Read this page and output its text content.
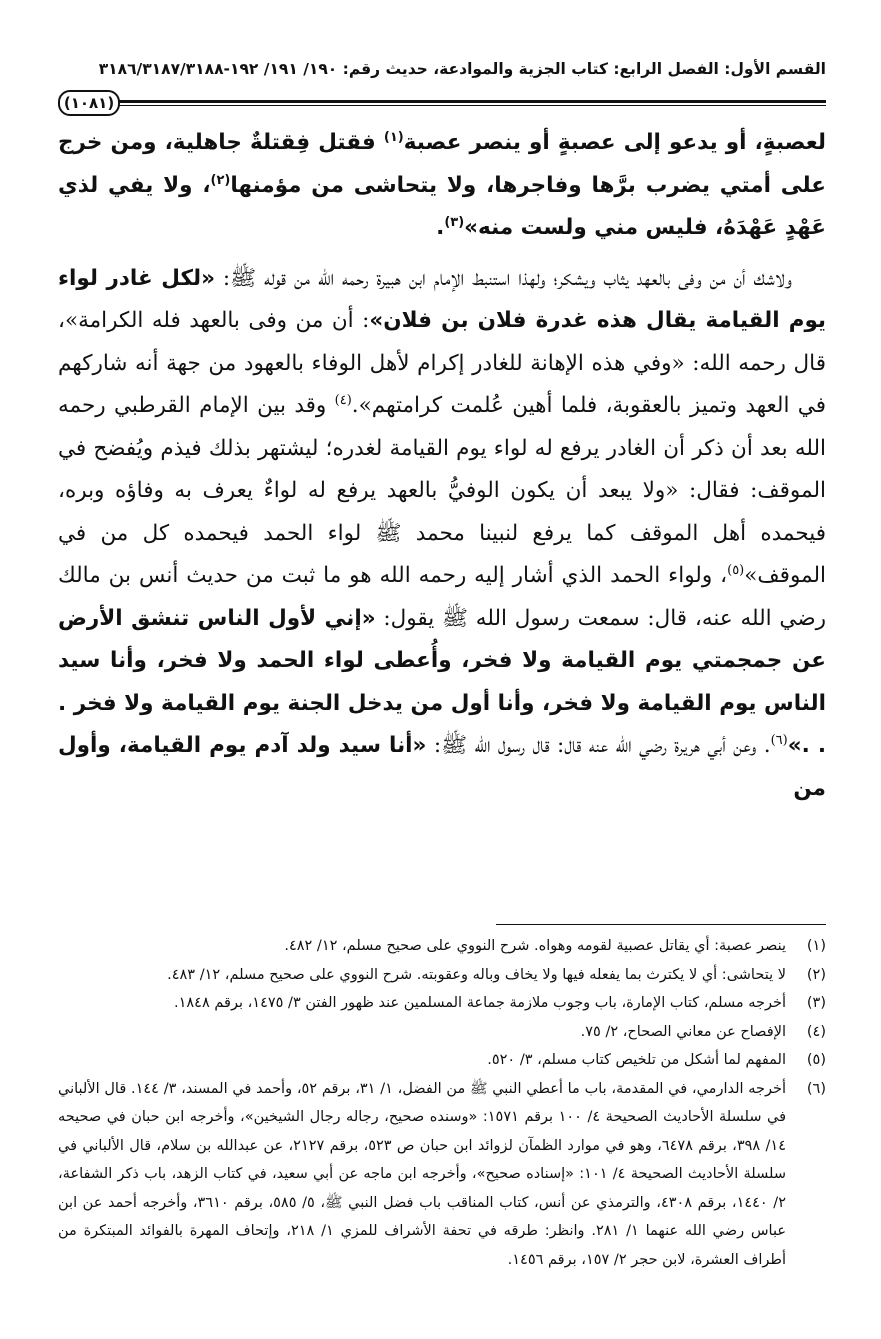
القسم الأول: الفصل الرابع: كتاب الجزية والموادعة، حديث رقم: ١٩٠/ ١٩١/ ١٩٢-٣١٨٦/٣١٨٧/٣١٨٨
(١٠٨١)

لعصبةٍ، أو يدعو إلى عصبةٍ أو ينصر عصبة$^{(١)}$ فقتل فِقتلةٌ جاهلية، ومن خرج على أمتي يضرب برَّها وفاجرها، ولا يتحاشى من مؤمنها$^{(٢)}$، ولا يفي لذي عَهْدٍ عَهْدَهُ، فليس مني ولست منه»$^{(٣)}$.

ولاشك أن من وفى بالعهد يثاب ويشكر؛ ولهذا استنبط الإمام ابن هبيرة رحمه الله من قوله ﷺ: «لكل غادر لواء يوم القيامة يقال هذه غدرة فلان بن فلان»: أن من وفى بالعهد فله الكرامة»، قال رحمه الله: «وفي هذه الإهانة للغادر إكرام لأهل الوفاء بالعهود من جهة أنه شاركهم في العهد وتميز بالعقوبة، فلما أهين عُلمت كرامتهم».$^{(٤)}$ وقد بين الإمام القرطبي رحمه الله بعد أن ذكر أن الغادر يرفع له لواء يوم القيامة لغدره؛ ليشتهر بذلك فيذم ويُفضح في الموقف: فقال: «ولا يبعد أن يكون الوفيُّ بالعهد يرفع له لواءٌ يعرف به وفاؤه وبره، فيحمده أهل الموقف كما يرفع لنبينا محمد ﷺ لواء الحمد فيحمده كل من في الموقف»$^{(٥)}$، ولواء الحمد الذي أشار إليه رحمه الله هو ما ثبت من حديث أنس بن مالك رضي الله عنه، قال: سمعت رسول الله ﷺ يقول: «إني لأول الناس تنشق الأرض عن جمجمتي يوم القيامة ولا فخر، وأُعطى لواء الحمد ولا فخر، وأنا سيد الناس يوم القيامة ولا فخر، وأنا أول من يدخل الجنة يوم القيامة ولا فخر . . .»$^{(٦)}$. وعن أبي هريرة رضي الله عنه قال: قال رسول الله ﷺ: «أنا سيد ولد آدم يوم القيامة، وأول من

(١)
ينصر عصبة: أي يقاتل عصبية لقومه وهواه. شرح النووي على صحيح مسلم، ١٢/ ٤٨٢.
(٢)
لا يتحاشى: أي لا يكترث بما يفعله فيها ولا يخاف وباله وعقوبته. شرح النووي على صحيح مسلم، ١٢/ ٤٨٣.
(٣)
أخرجه مسلم، كتاب الإمارة، باب وجوب ملازمة جماعة المسلمين عند ظهور الفتن ٣/ ١٤٧٥، برقم ١٨٤٨.
(٤)
الإفصاح عن معاني الصحاح، ٢/ ٧٥.
(٥)
المفهم لما أشكل من تلخيص كتاب مسلم، ٣/ ٥٢٠.
(٦)
أخرجه الدارمي، في المقدمة، باب ما أعطي النبي ﷺ من الفضل، ١/ ٣١، برقم ٥٢، وأحمد في المسند، ٣/ ١٤٤. قال الألباني في سلسلة الأحاديث الصحيحة ٤/ ١٠٠ برقم ١٥٧١: «وسنده صحيح، رجاله رجال الشيخين»، وأخرجه ابن حبان في صحيحه ١٤/ ٣٩٨، برقم ٦٤٧٨، وهو في موارد الظمآن لزوائد ابن حبان ص ٥٢٣، برقم ٢١٢٧، عن عبدالله بن سلام، قال الألباني في سلسلة الأحاديث الصحيحة ٤/ ١٠١: «إسناده صحيح»، وأخرجه ابن ماجه عن أبي سعيد، في كتاب الزهد، باب ذكر الشفاعة، ٢/ ١٤٤٠، برقم ٤٣٠٨، والترمذي عن أنس، كتاب المناقب باب فضل النبي ﷺ، ٥/ ٥٨٥، برقم ٣٦١٠، وأخرجه أحمد عن ابن عباس رضي الله عنهما ١/ ٢٨١. وانظر: طرقه في تحفة الأشراف للمزي ١/ ٢١٨، وإتحاف المهرة بالفوائد المبتكرة من أطراف العشرة، لابن حجر ٢/ ١٥٧، برقم ١٤٥٦.
